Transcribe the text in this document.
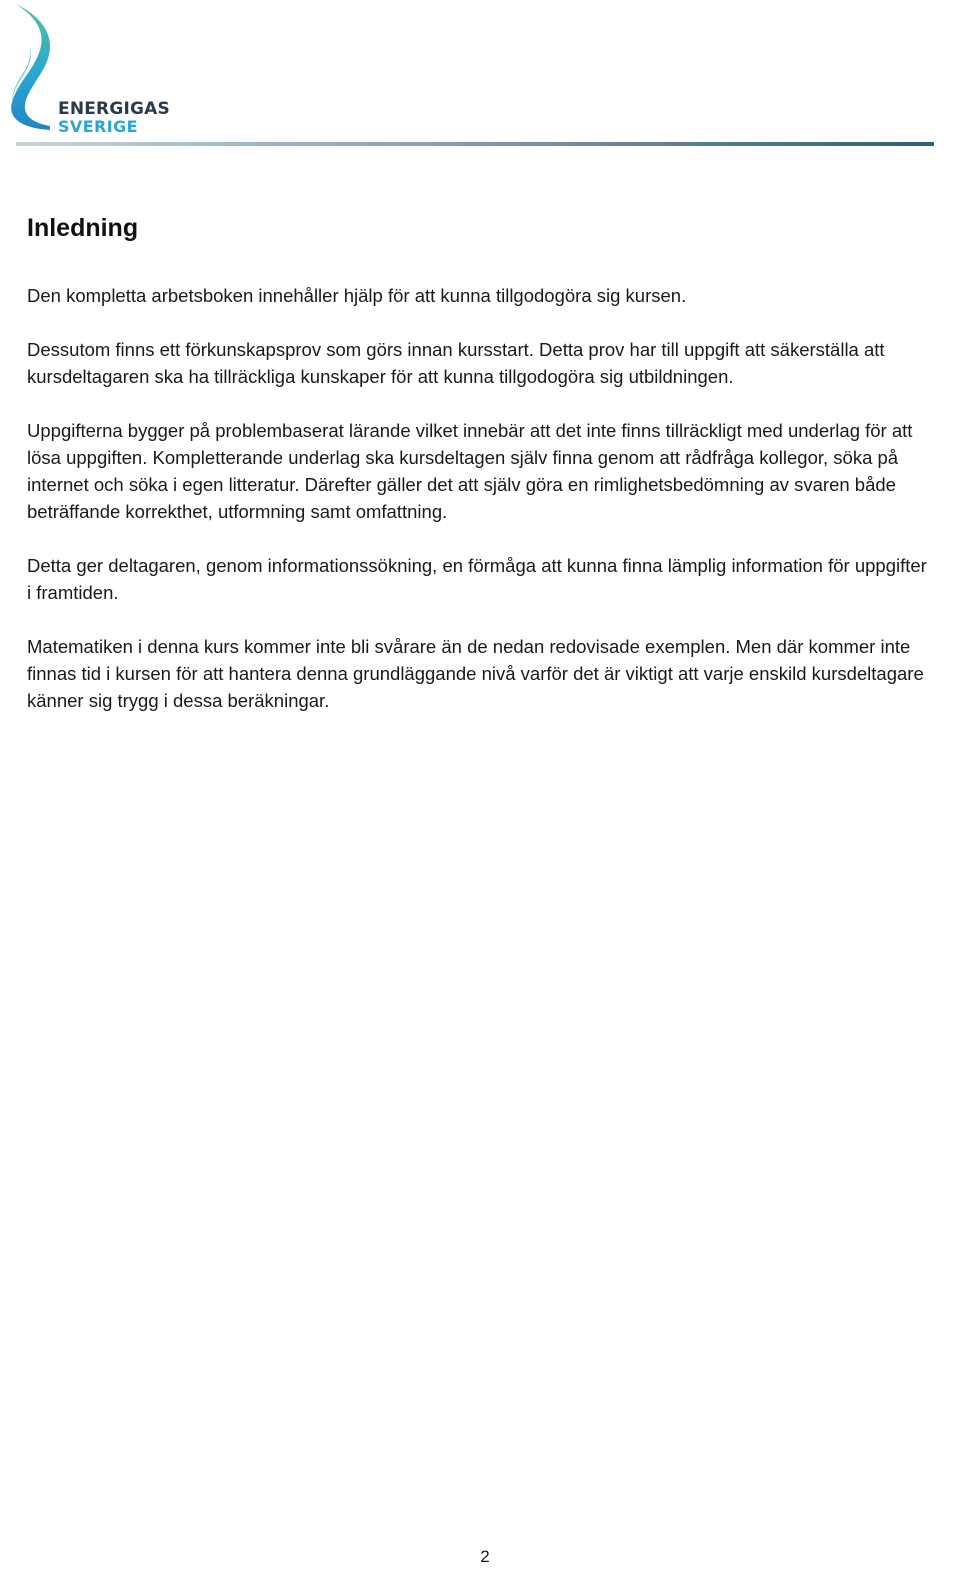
ENERGIGAS
SVERIGE
Inledning

Den kompletta arbetsboken innehåller hjälp för att kunna tillgodogöra sig kursen.

Dessutom finns ett förkunskapsprov som görs innan kursstart. Detta prov har till uppgift att säkerställa att kursdeltagaren ska ha tillräckliga kunskaper för att kunna tillgodogöra sig utbildningen.

Uppgifterna bygger på problembaserat lärande vilket innebär att det inte finns tillräckligt med underlag för att lösa uppgiften. Kompletterande underlag ska kursdeltagen själv finna genom att rådfråga kollegor, söka på internet och söka i egen litteratur. Därefter gäller det att själv göra en rimlighetsbedömning av svaren både beträffande korrekthet, utformning samt omfattning.

Detta ger deltagaren, genom informationssökning, en förmåga att kunna finna lämplig information för uppgifter i framtiden.

Matematiken i denna kurs kommer inte bli svårare än de nedan redovisade exemplen. Men där kommer inte finnas tid i kursen för att hantera denna grundläggande nivå varför det är viktigt att varje enskild kursdeltagare känner sig trygg i dessa beräkningar.

2
